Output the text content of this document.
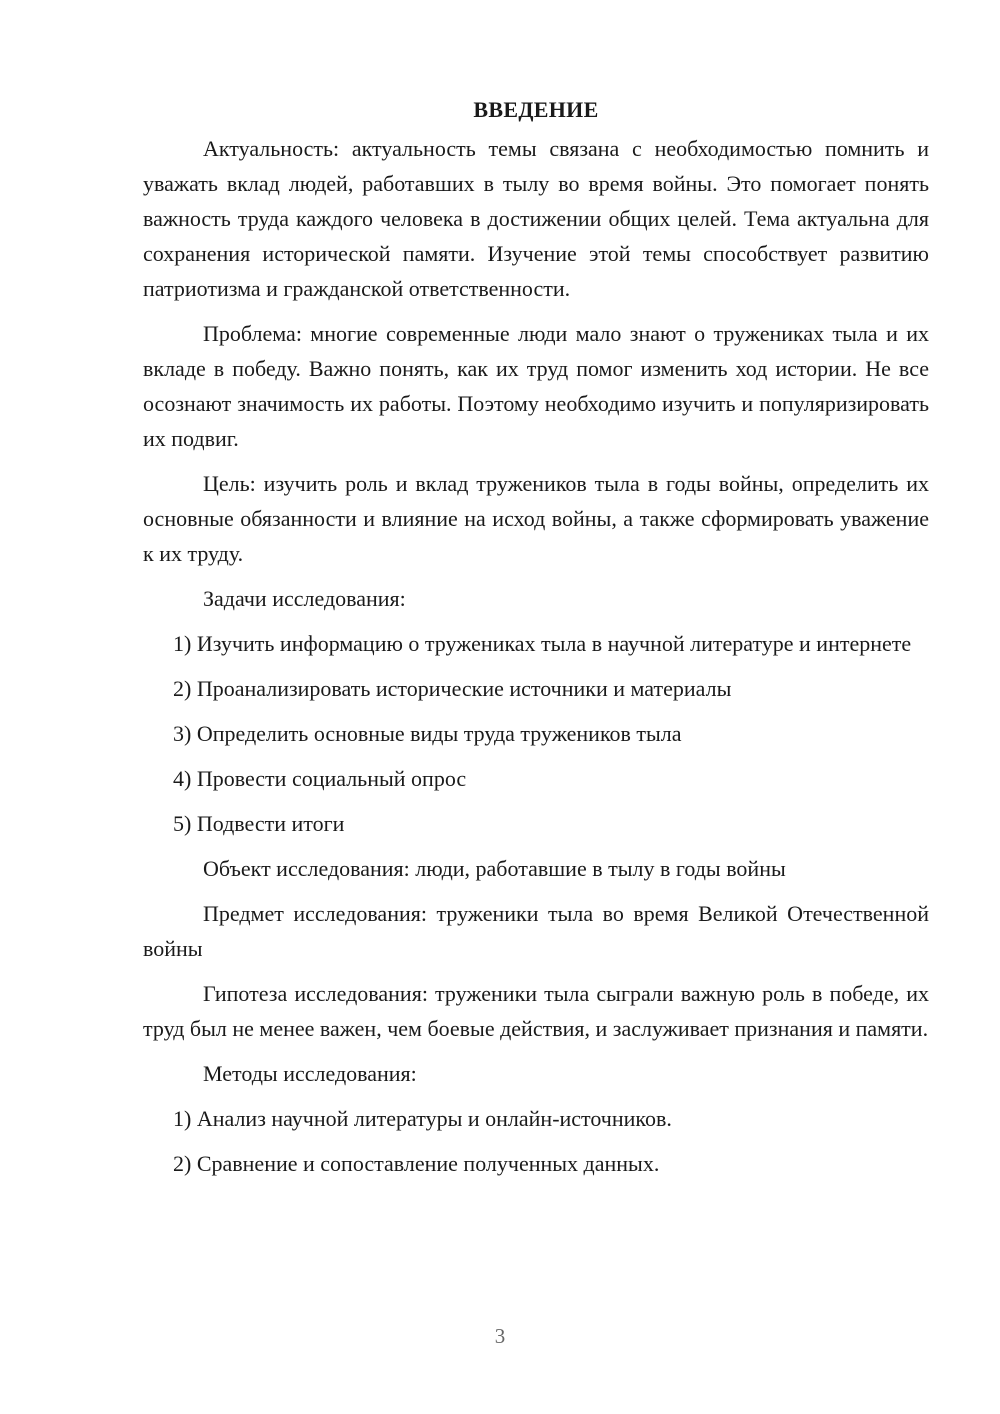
ВВЕДЕНИЕ

Актуальность: актуальность темы связана с необходимостью помнить и уважать вклад людей, работавших в тылу во время войны. Это помогает понять важность труда каждого человека в достижении общих целей. Тема актуальна для сохранения исторической памяти. Изучение этой темы способствует развитию патриотизма и гражданской ответственности.

Проблема: многие современные люди мало знают о тружениках тыла и их вкладе в победу. Важно понять, как их труд помог изменить ход истории. Не все осознают значимость их работы. Поэтому необходимо изучить и популяризировать их подвиг.

Цель: изучить роль и вклад тружеников тыла в годы войны, определить их основные обязанности и влияние на исход войны, а также сформировать уважение к их труду.

Задачи исследования:

1) Изучить информацию о тружениках тыла в научной литературе и интернете

2) Проанализировать исторические источники и материалы

3) Определить основные виды труда тружеников тыла

4) Провести социальный опрос

5) Подвести итоги

Объект исследования: люди, работавшие в тылу в годы войны

Предмет исследования: труженики тыла во время Великой Отечественной войны

Гипотеза исследования: труженики тыла сыграли важную роль в победе, их труд был не менее важен, чем боевые действия, и заслуживает признания и памяти.

Методы исследования:

1) Анализ научной литературы и онлайн-источников.

2) Сравнение и сопоставление полученных данных.

3
